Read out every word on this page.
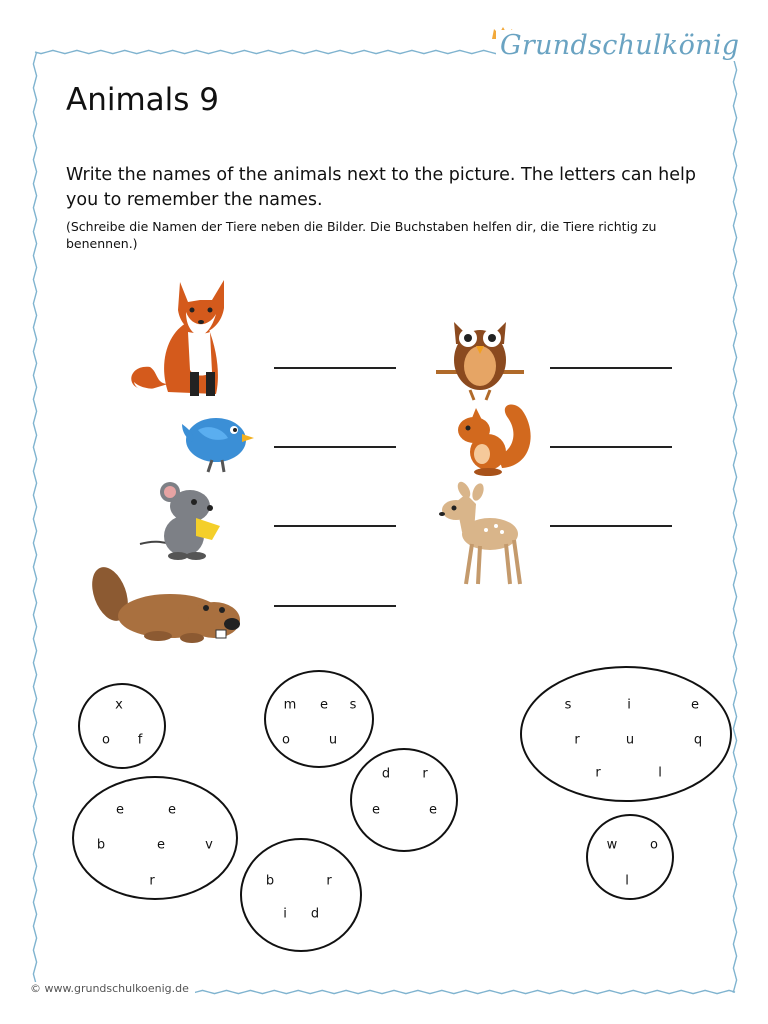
Grundschulkönig
Animals 9
Write the names of the animals next to the picture. The letters can help you to remember the names.
(Schreibe die Namen der Tiere neben die Bilder. Die Buchstaben helfen dir, die Tiere richtig zu benennen.)
x
o f
m e s
o	u
s	i	e
r	u	q
r	l
d r
e	e
e	e
b	e	v
r	b	r
i d
w	o
l
© www.grundschulkoenig.de
